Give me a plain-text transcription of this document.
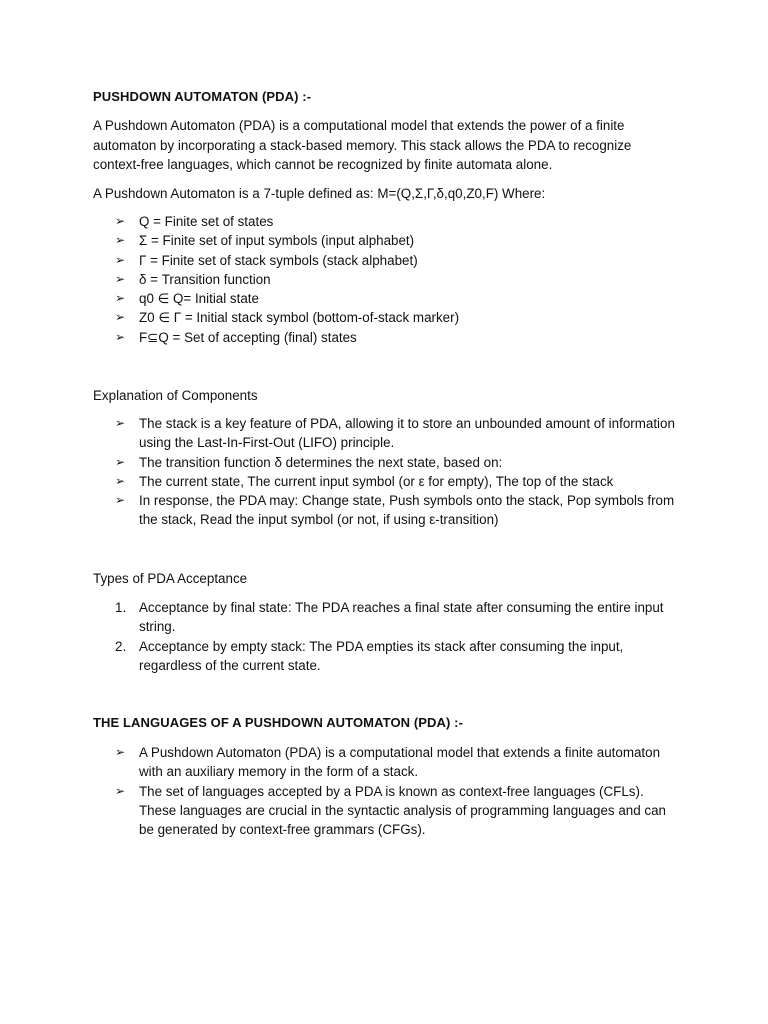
PUSHDOWN AUTOMATON (PDA) :-

A Pushdown Automaton (PDA) is a computational model that extends the power of a finite automaton by incorporating a stack-based memory. This stack allows the PDA to recognize context-free languages, which cannot be recognized by finite automata alone.

A Pushdown Automaton is a 7-tuple defined as: M=(Q,Σ,Γ,δ,q0,Z0,F) Where:

➢ Q = Finite set of states
➢ Σ = Finite set of input symbols (input alphabet)
➢ Γ = Finite set of stack symbols (stack alphabet)
➢ δ = Transition function
➢ q0 ∈ Q= Initial state
➢ Z0 ∈ Γ = Initial stack symbol (bottom-of-stack marker)
➢ F⊆Q = Set of accepting (final) states

Explanation of Components

➢ The stack is a key feature of PDA, allowing it to store an unbounded amount of information using the Last-In-First-Out (LIFO) principle.
➢ The transition function δ determines the next state, based on:
➢ The current state, The current input symbol (or ε for empty), The top of the stack
➢ In response, the PDA may: Change state, Push symbols onto the stack, Pop symbols from the stack, Read the input symbol (or not, if using ε-transition)

Types of PDA Acceptance

1. Acceptance by final state: The PDA reaches a final state after consuming the entire input string.
2. Acceptance by empty stack: The PDA empties its stack after consuming the input, regardless of the current state.
THE LANGUAGES OF A PUSHDOWN AUTOMATON (PDA) :-
➢ A Pushdown Automaton (PDA) is a computational model that extends a finite automaton with an auxiliary memory in the form of a stack.
➢ The set of languages accepted by a PDA is known as context-free languages (CFLs). These languages are crucial in the syntactic analysis of programming languages and can be generated by context-free grammars (CFGs).
